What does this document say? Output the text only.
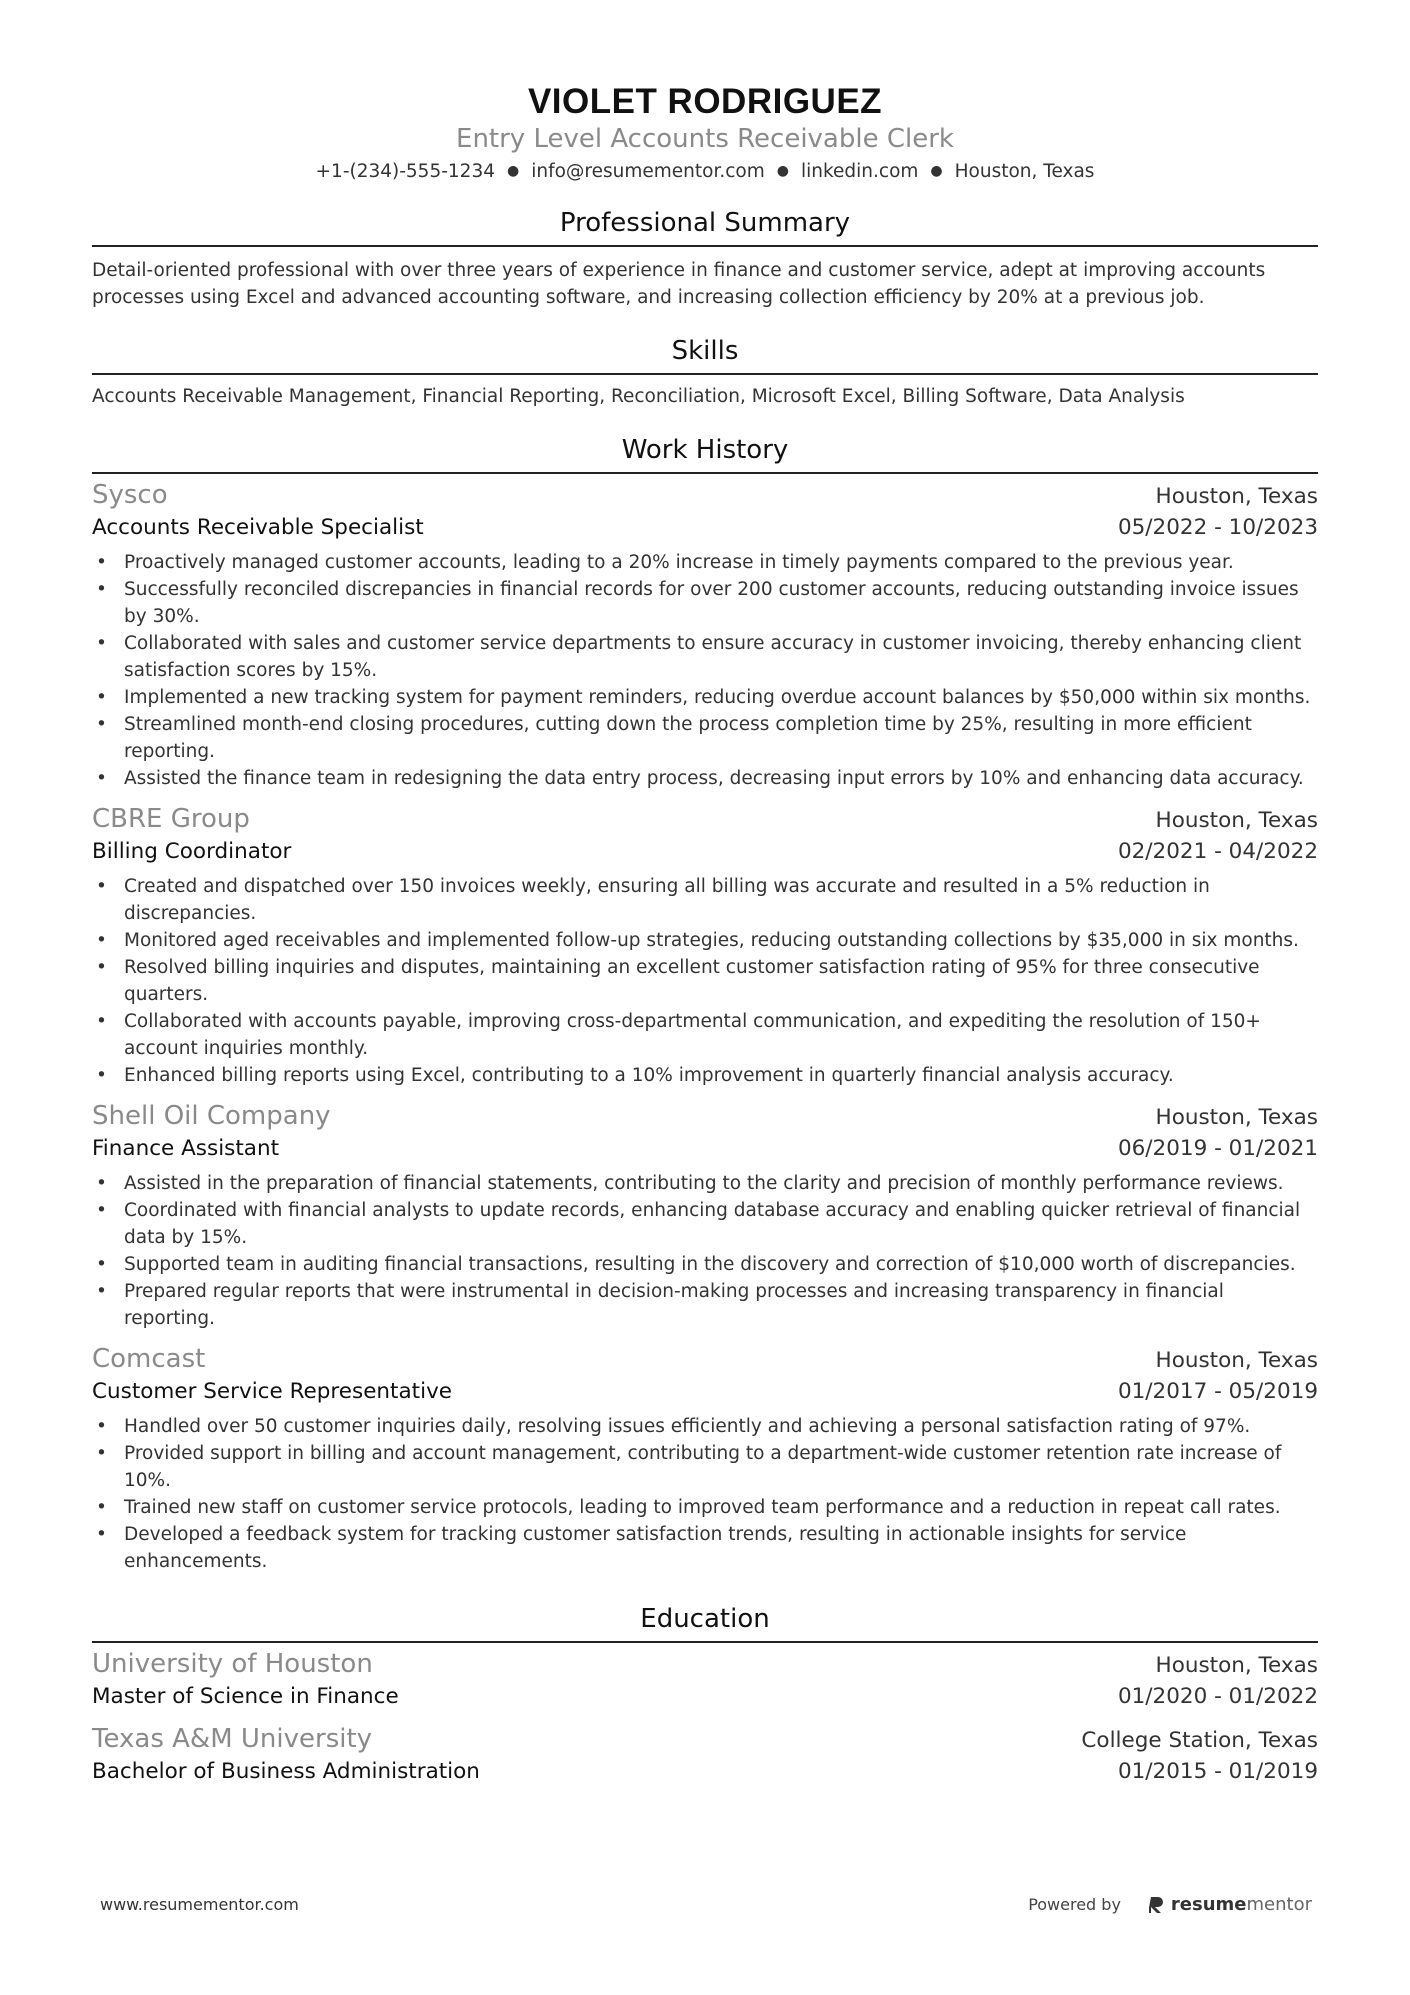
VIOLET RODRIGUEZ
Entry Level Accounts Receivable Clerk
+1-(234)-555-1234 ● info@resumementor.com ● linkedin.com ● Houston, Texas
Professional Summary
Detail-oriented professional with over three years of experience in finance and customer service, adept at improving accounts processes using Excel and advanced accounting software, and increasing collection efficiency by 20% at a previous job.
Skills
Accounts Receivable Management, Financial Reporting, Reconciliation, Microsoft Excel, Billing Software, Data Analysis
Work History
Sysco	Houston, Texas
Accounts Receivable Specialist	05/2022 - 10/2023
• Proactively managed customer accounts, leading to a 20% increase in timely payments compared to the previous year.
• Successfully reconciled discrepancies in financial records for over 200 customer accounts, reducing outstanding invoice issues by 30%.
• Collaborated with sales and customer service departments to ensure accuracy in customer invoicing, thereby enhancing client satisfaction scores by 15%.
• Implemented a new tracking system for payment reminders, reducing overdue account balances by $50,000 within six months.
• Streamlined month-end closing procedures, cutting down the process completion time by 25%, resulting in more efficient reporting.
• Assisted the finance team in redesigning the data entry process, decreasing input errors by 10% and enhancing data accuracy.
CBRE Group	Houston, Texas
Billing Coordinator	02/2021 - 04/2022
• Created and dispatched over 150 invoices weekly, ensuring all billing was accurate and resulted in a 5% reduction in discrepancies.
• Monitored aged receivables and implemented follow-up strategies, reducing outstanding collections by $35,000 in six months.
• Resolved billing inquiries and disputes, maintaining an excellent customer satisfaction rating of 95% for three consecutive quarters.
• Collaborated with accounts payable, improving cross-departmental communication, and expediting the resolution of 150+ account inquiries monthly.
• Enhanced billing reports using Excel, contributing to a 10% improvement in quarterly financial analysis accuracy.
Shell Oil Company	Houston, Texas
Finance Assistant	06/2019 - 01/2021
• Assisted in the preparation of financial statements, contributing to the clarity and precision of monthly performance reviews.
• Coordinated with financial analysts to update records, enhancing database accuracy and enabling quicker retrieval of financial data by 15%.
• Supported team in auditing financial transactions, resulting in the discovery and correction of $10,000 worth of discrepancies.
• Prepared regular reports that were instrumental in decision-making processes and increasing transparency in financial reporting.
Comcast	Houston, Texas
Customer Service Representative	01/2017 - 05/2019
• Handled over 50 customer inquiries daily, resolving issues efficiently and achieving a personal satisfaction rating of 97%.
• Provided support in billing and account management, contributing to a department-wide customer retention rate increase of 10%.
• Trained new staff on customer service protocols, leading to improved team performance and a reduction in repeat call rates.
• Developed a feedback system for tracking customer satisfaction trends, resulting in actionable insights for service enhancements.
Education
University of Houston	Houston, Texas
Master of Science in Finance	01/2020 - 01/2022
Texas A&M University	College Station, Texas
Bachelor of Business Administration	01/2015 - 01/2019
www.resumementor.com	Powered by	resumementor
